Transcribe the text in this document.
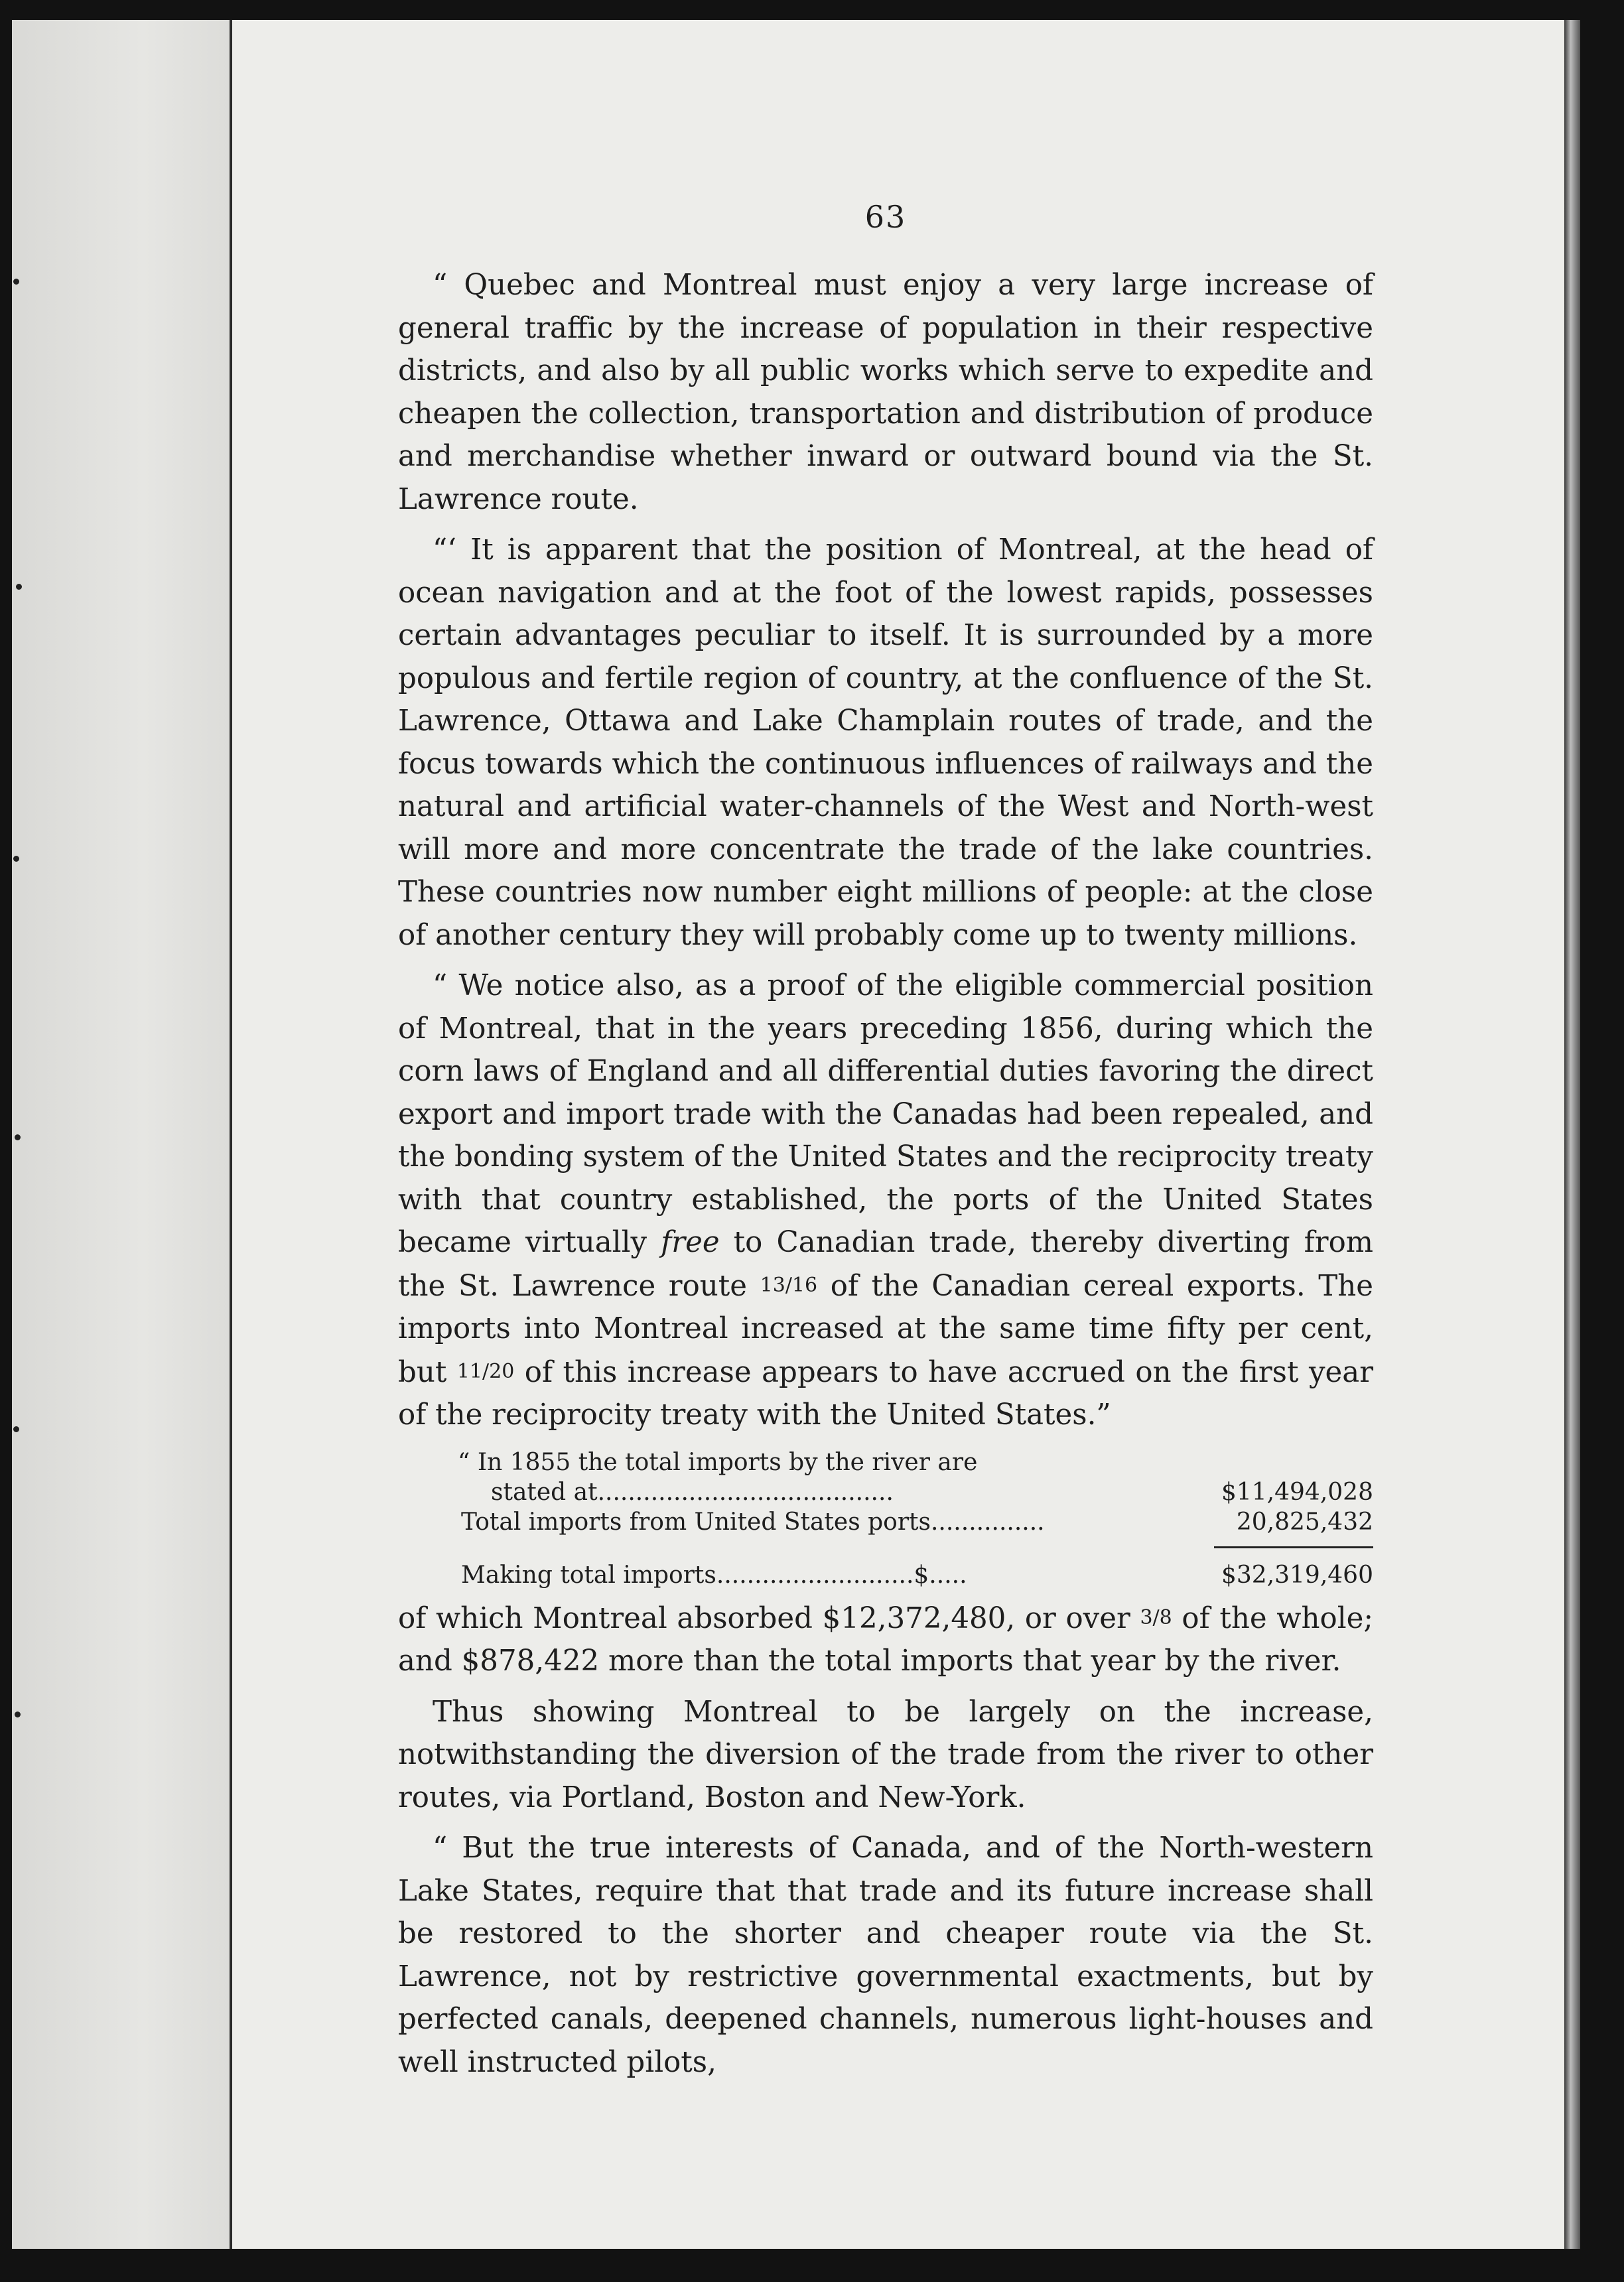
63

“ Quebec and Montreal must enjoy a very large increase of general traffic by the increase of population in their respective districts, and also by all public works which serve to expedite and cheapen the collection, transportation and distribution of produce and merchandise whether inward or outward bound via the St. Lawrence route.

“‘ It is apparent that the position of Montreal, at the head of ocean navigation and at the foot of the lowest rapids, possesses certain advantages peculiar to itself. It is surrounded by a more populous and fertile region of country, at the confluence of the St. Lawrence, Ottawa and Lake Champlain routes of trade, and the focus towards which the continuous influences of railways and the natural and artificial water-channels of the West and North-west will more and more concentrate the trade of the lake countries. These countries now number eight millions of people: at the close of another century they will probably come up to twenty millions.

“ We notice also, as a proof of the eligible commercial position of Montreal, that in the years preceding 1856, during which the corn laws of England and all differential duties favoring the direct export and import trade with the Canadas had been repealed, and the bonding system of the United States and the reciprocity treaty with that country established, the ports of the United States became virtually free to Canadian trade, thereby diverting from the St. Lawrence route 13/16 of the Canadian cereal exports. The imports into Montreal increased at the same time fifty per cent, but 11/20 of this increase appears to have accrued on the first year of the reciprocity treaty with the United States.”

“ In 1855 the total imports by the river are
stated at.......................................	$11,494,028
Total imports from United States ports...............	20,825,432
Making total imports..........................$.....	$32,319,460

of which Montreal absorbed $12,372,480, or over 3/8 of the whole; and $878,422 more than the total imports that year by the river.

Thus showing Montreal to be largely on the increase, notwithstanding the diversion of the trade from the river to other routes, via Portland, Boston and New-York.

“ But the true interests of Canada, and of the North-western Lake States, require that that trade and its future increase shall be restored to the shorter and cheaper route via the St. Lawrence, not by restrictive governmental exactments, but by perfected canals, deepened channels, numerous light-houses and well instructed pilots,
